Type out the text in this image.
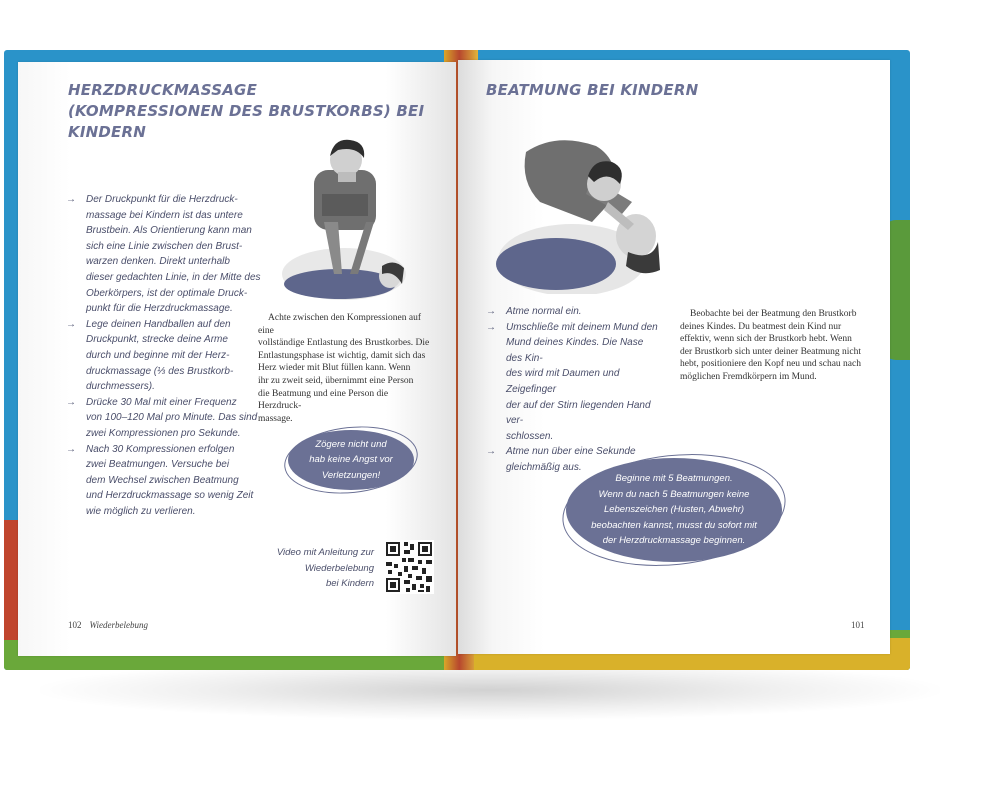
HERZDRUCKMASSAGE
(KOMPRESSIONEN DES BRUSTKORBS) BEI KINDERN
→ Der Druckpunkt für die Herzdruck-
massage bei Kindern ist das untere
Brustbein. Als Orientierung kann man
sich eine Linie zwischen den Brust-
warzen denken. Direkt unterhalb
dieser gedachten Linie, in der Mitte des
Oberkörpers, ist der optimale Druck-
punkt für die Herzdruckmassage.
→ Lege deinen Handballen auf den
Druckpunkt, strecke deine Arme
durch und beginne mit der Herz-
druckmassage (⅓ des Brustkorb-
durchmessers).
→ Drücke 30 Mal mit einer Frequenz
von 100–120 Mal pro Minute. Das sind
zwei Kompressionen pro Sekunde.
→ Nach 30 Kompressionen erfolgen
zwei Beatmungen. Versuche bei
dem Wechsel zwischen Beatmung
und Herzdruckmassage so wenig Zeit
wie möglich zu verlieren.
Achte zwischen den Kompressionen auf eine
vollständige Entlastung des Brustkorbes. Die
Entlastungsphase ist wichtig, damit sich das
Herz wieder mit Blut füllen kann. Wenn
ihr zu zweit seid, übernimmt eine Person
die Beatmung und eine Person die Herzdruck-
massage.
Zögere nicht und
hab keine Angst vor
Verletzungen!
Video mit Anleitung zur
Wiederbelebung
bei Kindern
102 Wiederbelebung
BEATMUNG BEI KINDERN
→ Atme normal ein.
→ Umschließe mit deinem Mund den
Mund deines Kindes. Die Nase des Kin-
des wird mit Daumen und Zeigefinger
der auf der Stirn liegenden Hand ver-
schlossen.
→ Atme nun über eine Sekunde
gleichmäßig aus.
Beobachte bei der Beatmung den Brustkorb
deines Kindes. Du beatmest dein Kind nur
effektiv, wenn sich der Brustkorb hebt. Wenn
der Brustkorb sich unter deiner Beatmung nicht
hebt, positioniere den Kopf neu und schau nach
möglichen Fremdkörpern im Mund.
Beginne mit 5 Beatmungen.
Wenn du nach 5 Beatmungen keine
Lebenszeichen (Husten, Abwehr)
beobachten kannst, musst du sofort mit
der Herzdruckmassage beginnen.
101
